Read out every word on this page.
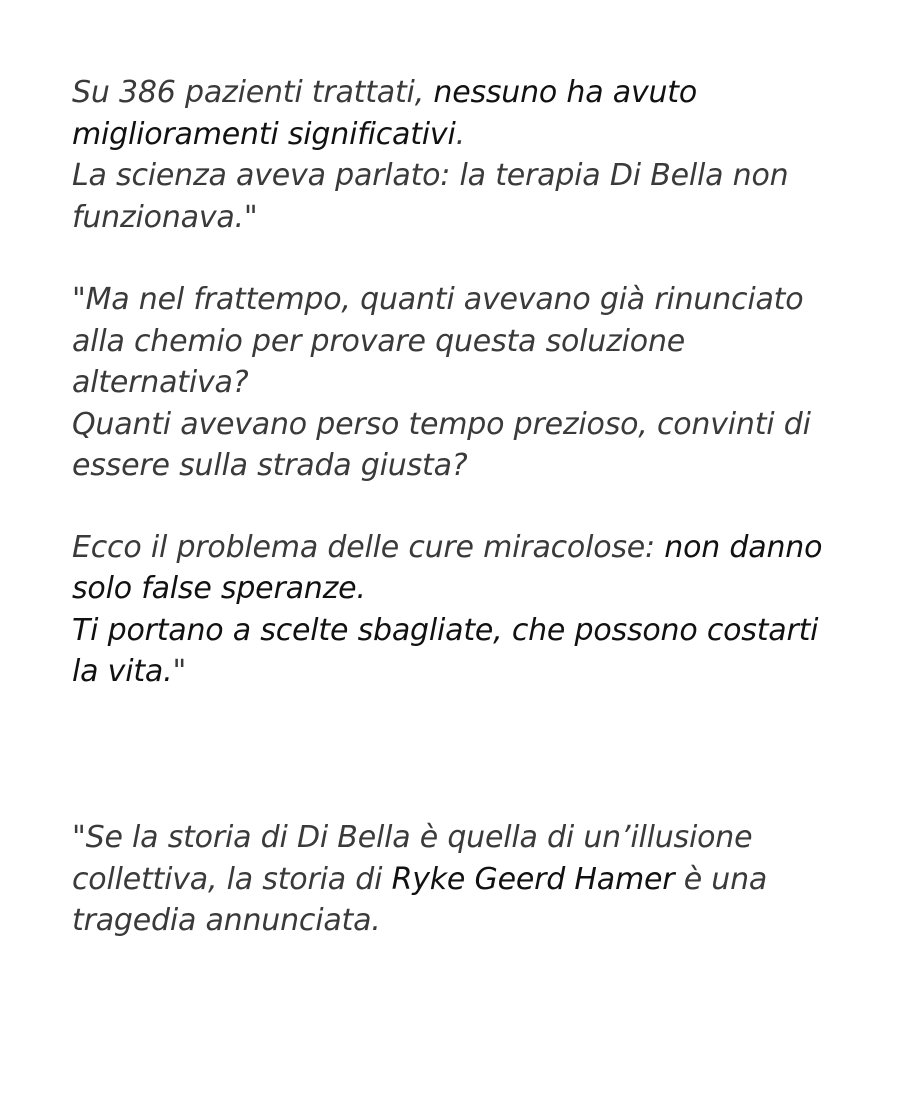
Su 386 pazienti trattati, nessuno ha avuto
miglioramenti significativi.
La scienza aveva parlato: la terapia Di Bella non
funzionava."

"Ma nel frattempo, quanti avevano già rinunciato
alla chemio per provare questa soluzione
alternativa?
Quanti avevano perso tempo prezioso, convinti di
essere sulla strada giusta?

Ecco il problema delle cure miracolose: non danno
solo false speranze.
Ti portano a scelte sbagliate, che possono costarti
la vita."

"Se la storia di Di Bella è quella di un’illusione
collettiva, la storia di Ryke Geerd Hamer è una
tragedia annunciata.
